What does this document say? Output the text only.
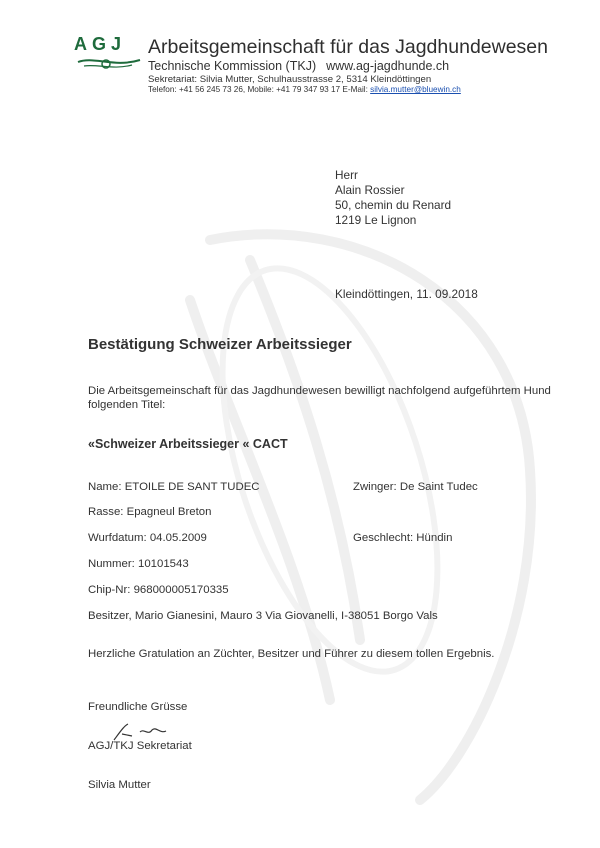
AGJ Arbeitsgemeinschaft für das Jagdhundewesen
Technische Kommission (TKJ) www.ag-jagdhunde.ch
Sekretariat: Silvia Mutter, Schulhausstrasse 2, 5314 Kleindöttingen
Telefon: +41 56 245 73 26, Mobile: +41 79 347 93 17 E-Mail: silvia.mutter@bluewin.ch
Herr
Alain Rossier
50, chemin du Renard
1219 Le Lignon
Kleindöttingen, 11. 09.2018
Bestätigung Schweizer Arbeitssieger
Die Arbeitsgemeinschaft für das Jagdhundewesen bewilligt nachfolgend aufgeführtem Hund
folgenden Titel:
«Schweizer Arbeitssieger « CACT
Name: ETOILE DE SANT TUDEC	Zwinger: De Saint Tudec
Rasse: Epagneul Breton
Wurfdatum: 04.05.2009	Geschlecht: Hündin
Nummer: 10101543
Chip-Nr: 968000005170335
Besitzer, Mario Gianesini, Mauro 3 Via Giovanelli, I-38051 Borgo Vals
Herzliche Gratulation an Züchter, Besitzer und Führer zu diesem tollen Ergebnis.
Freundliche Grüsse
AGJ/TKJ Sekretariat
Silvia Mutter
